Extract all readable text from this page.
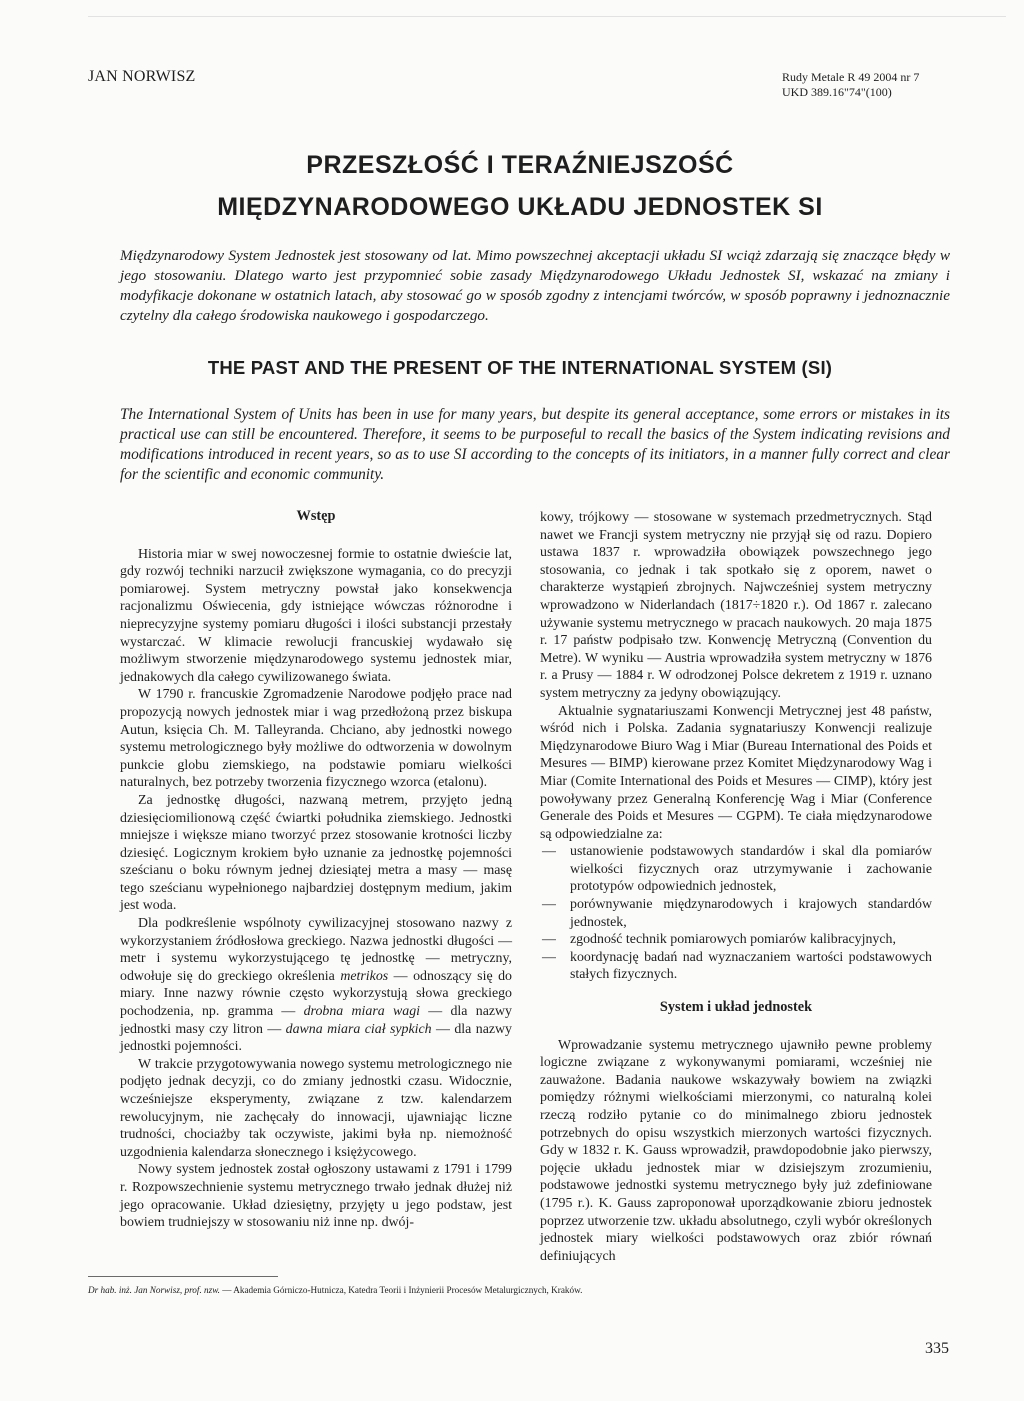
JAN NORWISZ	Rudy Metale R 49 2004 nr 7
UKD 389.16"74"(100)
PRZESZŁOŚĆ I TERAŹNIEJSZOŚĆ
MIĘDZYNARODOWEGO UKŁADU JEDNOSTEK SI
Międzynarodowy System Jednostek jest stosowany od lat. Mimo powszechnej akceptacji układu SI wciąż zdarzają się znaczące błędy w jego stosowaniu. Dlatego warto jest przypomnieć sobie zasady Międzynarodowego Układu Jednostek SI, wskazać na zmiany i modyfikacje dokonane w ostatnich latach, aby stosować go w sposób zgodny z intencjami twórców, w sposób poprawny i jednoznacznie czytelny dla całego środowiska naukowego i gospodarczego.
THE PAST AND THE PRESENT OF THE INTERNATIONAL SYSTEM (SI)
The International System of Units has been in use for many years, but despite its general acceptance, some errors or mistakes in its practical use can still be encountered. Therefore, it seems to be purposeful to recall the basics of the System indicating revisions and modifications introduced in recent years, so as to use SI according to the concepts of its initiators, in a manner fully correct and clear for the scientific and economic community.
Wstęp

Historia miar w swej nowoczesnej formie to ostatnie dwieście lat, gdy rozwój techniki narzucił zwiększone wymagania, co do precyzji pomiarowej. System metryczny powstał jako konsekwencja racjonalizmu Oświecenia, gdy istniejące wówczas różnorodne i nieprecyzyjne systemy pomiaru długości i ilości substancji przestały wystarczać. W klimacie rewolucji francuskiej wydawało się możliwym stworzenie międzynarodowego systemu jednostek miar, jednakowych dla całego cywilizowanego świata.

W 1790 r. francuskie Zgromadzenie Narodowe podjęło prace nad propozycją nowych jednostek miar i wag przedłożoną przez biskupa Autun, księcia Ch. M. Talleyranda. Chciano, aby jednostki nowego systemu metrologicznego były możliwe do odtworzenia w dowolnym punkcie globu ziemskiego, na podstawie pomiaru wielkości naturalnych, bez potrzeby tworzenia fizycznego wzorca (etalonu).

Za jednostkę długości, nazwaną metrem, przyjęto jedną dziesięciomilionową część ćwiartki południka ziemskiego. Jednostki mniejsze i większe miano tworzyć przez stosowanie krotności liczby dziesięć. Logicznym krokiem było uznanie za jednostkę pojemności sześcianu o boku równym jednej dziesiątej metra a masy — masę tego sześcianu wypełnionego najbardziej dostępnym medium, jakim jest woda.

Dla podkreślenie wspólnoty cywilizacyjnej stosowano nazwy z wykorzystaniem źródłosłowa greckiego. Nazwa jednostki długości — metr i systemu wykorzystującego tę jednostkę — metryczny, odwołuje się do greckiego określenia metrikos — odnoszący się do miary. Inne nazwy równie często wykorzystują słowa greckiego pochodzenia, np. gramma — drobna miara wagi — dla nazwy jednostki masy czy litron — dawna miara ciał sypkich — dla nazwy jednostki pojemności.

W trakcie przygotowywania nowego systemu metrologicznego nie podjęto jednak decyzji, co do zmiany jednostki czasu. Widocznie, wcześniejsze eksperymenty, związane z tzw. kalendarzem rewolucyjnym, nie zachęcały do innowacji, ujawniając liczne trudności, chociażby tak oczywiste, jakimi była np. niemożność uzgodnienia kalendarza słonecznego i księżycowego.

Nowy system jednostek został ogłoszony ustawami z 1791 i 1799 r. Rozpowszechnienie systemu metrycznego trwało jednak dłużej niż jego opracowanie. Układ dziesiętny, przyjęty u jego podstaw, jest bowiem trudniejszy w stosowaniu niż inne np. dwój-

kowy, trójkowy — stosowane w systemach przedmetrycznych. Stąd nawet we Francji system metryczny nie przyjął się od razu. Dopiero ustawa 1837 r. wprowadziła obowiązek powszechnego jego stosowania, co jednak i tak spotkało się z oporem, nawet o charakterze wystąpień zbrojnych. Najwcześniej system metryczny wprowadzono w Niderlandach (1817÷1820 r.). Od 1867 r. zalecano używanie systemu metrycznego w pracach naukowych. 20 maja 1875 r. 17 państw podpisało tzw. Konwencję Metryczną (Convention du Metre). W wyniku — Austria wprowadziła system metryczny w 1876 r. a Prusy — 1884 r. W odrodzonej Polsce dekretem z 1919 r. uznano system metryczny za jedyny obowiązujący.

Aktualnie sygnatariuszami Konwencji Metrycznej jest 48 państw, wśród nich i Polska. Zadania sygnatariuszy Konwencji realizuje Międzynarodowe Biuro Wag i Miar (Bureau International des Poids et Mesures — BIMP) kierowane przez Komitet Międzynarodowy Wag i Miar (Comite International des Poids et Mesures — CIMP), który jest powoływany przez Generalną Konferencję Wag i Miar (Conference Generale des Poids et Mesures — CGPM). Te ciała międzynarodowe są odpowiedzialne za:

— ustanowienie podstawowych standardów i skal dla pomiarów wielkości fizycznych oraz utrzymywanie i zachowanie prototypów odpowiednich jednostek,
— porównywanie międzynarodowych i krajowych standardów jednostek,
— zgodność technik pomiarowych pomiarów kalibracyjnych,
— koordynację badań nad wyznaczaniem wartości podstawowych stałych fizycznych.
System i układ jednostek

Wprowadzanie systemu metrycznego ujawniło pewne problemy logiczne związane z wykonywanymi pomiarami, wcześniej nie zauważone. Badania naukowe wskazywały bowiem na związki pomiędzy różnymi wielkościami mierzonymi, co naturalną kolei rzeczą rodziło pytanie co do minimalnego zbioru jednostek potrzebnych do opisu wszystkich mierzonych wartości fizycznych. Gdy w 1832 r. K. Gauss wprowadził, prawdopodobnie jako pierwszy, pojęcie układu jednostek miar w dzisiejszym zrozumieniu, podstawowe jednostki systemu metrycznego były już zdefiniowane (1795 r.). K. Gauss zaproponował uporządkowanie zbioru jednostek poprzez utworzenie tzw. układu absolutnego, czyli wybór określonych jednostek miary wielkości podstawowych oraz zbiór równań definiujących

Dr hab. inż. Jan Norwisz, prof. nzw. — Akademia Górniczo-Hutnicza, Katedra Teorii i Inżynierii Procesów Metalurgicznych, Kraków.
335
